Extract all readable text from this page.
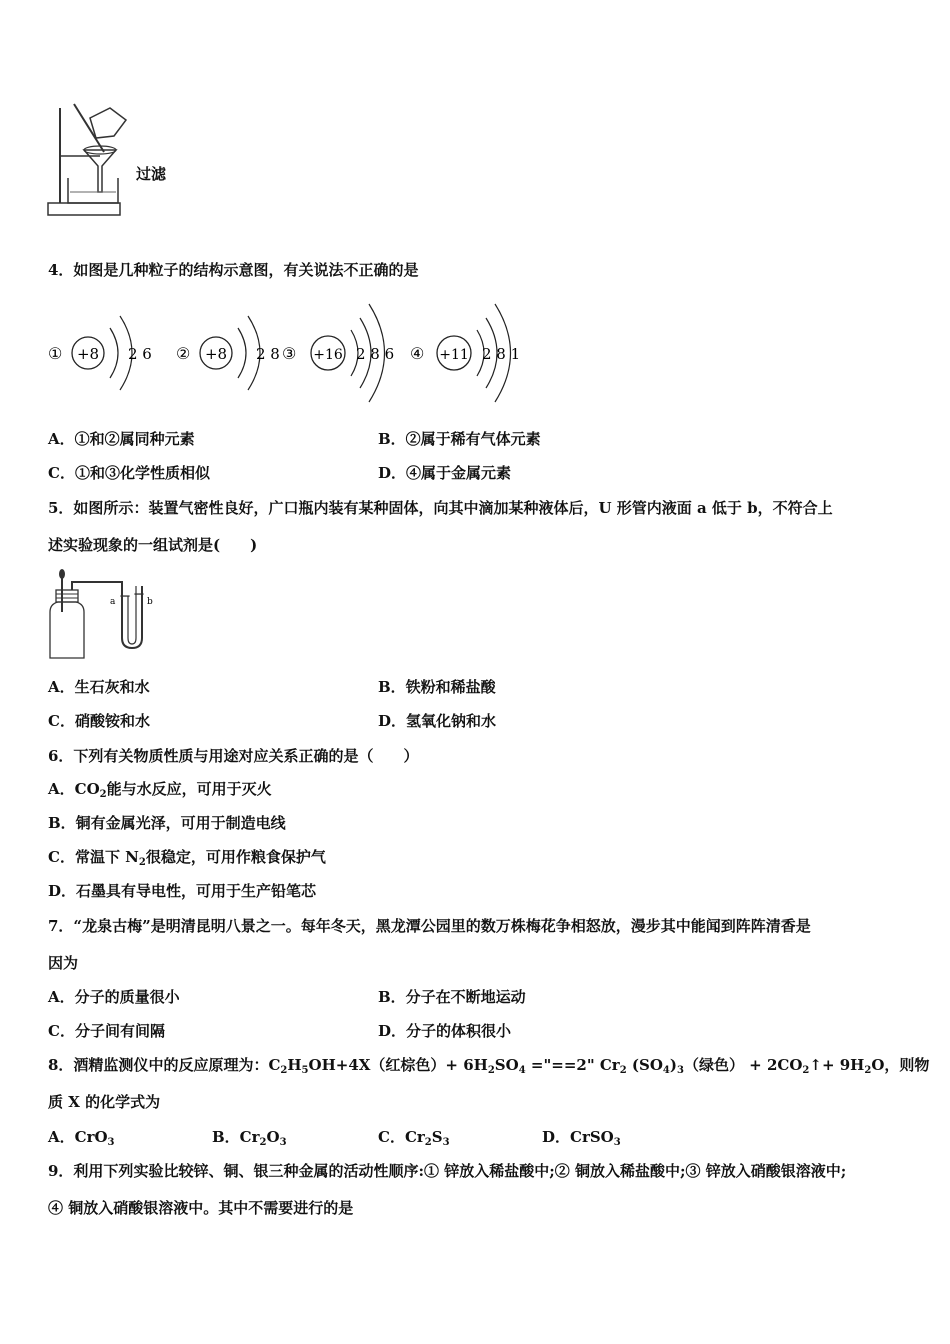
过滤
4．如图是几种粒子的结构示意图，有关说法不正确的是
① +8 2 6 ② +8 2 8 ③ +16 2 8 6 ④ +11 2 8 1
A．①和②属同种元素	B．②属于稀有气体元素
C．①和③化学性质相似	D．④属于金属元素
5．如图所示：装置气密性良好，广口瓶内装有某种固体，向其中滴加某种液体后，U 形管内液面 a 低于 b，不符合上
述实验现象的一组试剂是(　　)
a	b
A．生石灰和水	B．铁粉和稀盐酸
C．硝酸铵和水	D．氢氧化钠和水
6．下列有关物质性质与用途对应关系正确的是（　　）
A．$CO_2$能与水反应，可用于灭火
B．铜有金属光泽，可用于制造电线
C．常温下 $N_2$很稳定，可用作粮食保护气
D．石墨具有导电性，可用于生产铅笔芯
7．“龙泉古梅”是明清昆明八景之一。每年冬天，黑龙潭公园里的数万株梅花争相怒放，漫步其中能闻到阵阵清香是
因为
A．分子的质量很小	B．分子在不断地运动
C．分子间有间隔	D．分子的体积很小
8．酒精监测仪中的反应原理为：$C_2H_5OH+4X$（红棕色）+ $6H_2SO_4$ ="==2" $Cr_2$ $(SO_4)_3$（绿色） + $2CO_2↑+ 9H_2O$，则物
质 X 的化学式为
A．CrO$_3$	B．$Cr_2O_3$	C．$Cr_2S_3$	D．CrSO$_3$
9．利用下列实验比较锌、铜、银三种金属的活动性顺序:① 锌放入稀盐酸中;② 铜放入稀盐酸中;③ 锌放入硝酸银溶液中;
④ 铜放入硝酸银溶液中。其中不需要进行的是
